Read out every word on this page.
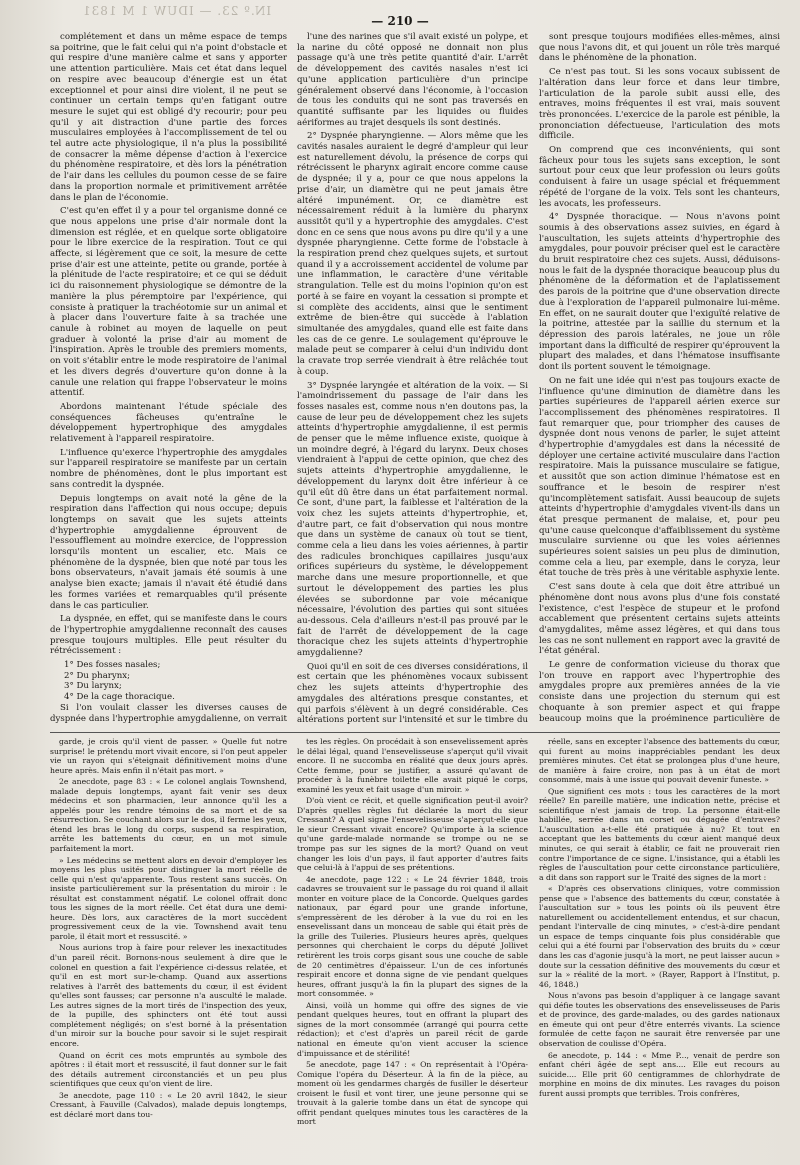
IN.º 23. — IDUW 1 M 1831
— 210 —

complétement et dans un même espace de temps sa poitrine, que le fait celui qui n'a point d'obstacle et qui respire d'une manière calme et sans y apporter une attention particulière. Mais cet état dans lequel on respire avec beaucoup d'énergie est un état exceptionnel et pour ainsi dire violent, il ne peut se continuer un certain temps qu'en fatigant outre mesure le sujet qui est obligé d'y recourir; pour peu qu'il y ait distraction d'une partie des forces musculaires employées à l'accomplissement de tel ou tel autre acte physiologique, il n'a plus la possibilité de consacrer la même dépense d'action à l'exercice du phénomène respiratoire, et dès lors la pénétration de l'air dans les cellules du poumon cesse de se faire dans la proportion normale et primitivement arrêtée dans le plan de l'économie.

C'est qu'en effet il y a pour tel organisme donné ce que nous appelons une prise d'air normale dont la dimension est réglée, et en quelque sorte obligatoire pour le libre exercice de la respiration. Tout ce qui affecte, si légèrement que ce soit, la mesure de cette prise d'air est une atteinte, petite ou grande, portée à la plénitude de l'acte respiratoire; et ce qui se déduit ici du raisonnement physiologique se démontre de la manière la plus péremptoire par l'expérience, qui consiste à pratiquer la trachéotomie sur un animal et à placer dans l'ouverture faite à sa trachée une canule à robinet au moyen de laquelle on peut graduer à volonté la prise d'air au moment de l'inspiration. Après le trouble des premiers moments, on voit s'établir entre le mode respiratoire de l'animal et les divers degrés d'ouverture qu'on donne à la canule une relation qui frappe l'observateur le moins attentif.

Abordons maintenant l'étude spéciale des conséquences fâcheuses qu'entraîne le développement hypertrophique des amygdales relativement à l'appareil respiratoire.

L'influence qu'exerce l'hypertrophie des amygdales sur l'appareil respiratoire se manifeste par un certain nombre de phénomènes, dont le plus important est sans contredit la dyspnée.

Depuis longtemps on avait noté la gêne de la respiration dans l'affection qui nous occupe; depuis longtemps on savait que les sujets atteints d'hypertrophie amygdalienne éprouvent de l'essoufflement au moindre exercice, de l'oppression lorsqu'ils montent un escalier, etc. Mais ce phénomène de la dyspnée, bien que noté par tous les bons observateurs, n'avait jamais été soumis à une analyse bien exacte; jamais il n'avait été étudié dans les formes variées et remarquables qu'il présente dans le cas particulier.

La dyspnée, en effet, qui se manifeste dans le cours de l'hypertrophie amygdalienne reconnaît des causes presque toujours multiples. Elle peut résulter du rétrécissement :

1° Des fosses nasales;

2° Du pharynx;

3° Du larynx;

4° De la cage thoracique.

Si l'on voulait classer les diverses causes de dyspnée dans l'hypertrophie amygdalienne, on verrait

l'une des narines que s'il avait existé un polype, et la narine du côté opposé ne donnait non plus passage qu'à une très petite quantité d'air. L'arrêt de développement des cavités nasales n'est ici qu'une application particulière d'un principe généralement observé dans l'économie, à l'occasion de tous les conduits qui ne sont pas traversés en quantité suffisante par les liquides ou fluides aériformes au trajet desquels ils sont destinés.

2° Dyspnée pharyngienne. — Alors même que les cavités nasales auraient le degré d'ampleur qui leur est naturellement dévolu, la présence de corps qui rétrécissent le pharynx agirait encore comme cause de dyspnée; il y a, pour ce que nous appelons la prise d'air, un diamètre qui ne peut jamais être altéré impunément. Or, ce diamètre est nécessairement réduit à la lumière du pharynx aussitôt qu'il y a hypertrophie des amygdales. C'est donc en ce sens que nous avons pu dire qu'il y a une dyspnée pharyngienne. Cette forme de l'obstacle à la respiration prend chez quelques sujets, et surtout quand il y a accroissement accidentel de volume par une inflammation, le caractère d'une véritable strangulation. Telle est du moins l'opinion qu'on est porté à se faire en voyant la cessation si prompte et si complète des accidents, ainsi que le sentiment extrême de bien-être qui succède à l'ablation simultanée des amygdales, quand elle est faite dans les cas de ce genre. Le soulagement qu'éprouve le malade peut se comparer à celui d'un individu dont la cravate trop serrée viendrait à être relâchée tout à coup.

3° Dyspnée laryngée et altération de la voix. — Si l'amoindrissement du passage de l'air dans les fosses nasales est, comme nous n'en doutons pas, la cause de leur peu de développement chez les sujets atteints d'hypertrophie amygdalienne, il est permis de penser que le même influence existe, quoique à un moindre degré, à l'égard du larynx. Deux choses viendraient à l'appui de cette opinion, que chez des sujets atteints d'hypertrophie amygdalienne, le développement du larynx doit être inférieur à ce qu'il eût dû être dans un état parfaitement normal. Ce sont, d'une part, la faiblesse et l'altération de la voix chez les sujets atteints d'hypertrophie, et, d'autre part, ce fait d'observation qui nous montre que dans un système de canaux où tout se tient, comme cela a lieu dans les voies aériennes, à partir des radicules bronchiques capillaires jusqu'aux orifices supérieurs du système, le développement marche dans une mesure proportionnelle, et que surtout le développement des parties les plus élevées se subordonne par voie mécanique nécessaire, l'évolution des parties qui sont situées au-dessous. Cela d'ailleurs n'est-il pas prouvé par le fait de l'arrêt de développement de la cage thoracique chez les sujets atteints d'hypertrophie amygdalienne?

Quoi qu'il en soit de ces diverses considérations, il est certain que les phénomènes vocaux subissent chez les sujets atteints d'hypertrophie des amygdales des altérations presque constantes, et qui parfois s'élèvent à un degré considérable. Ces altérations portent sur l'intensité et sur le timbre du

sont presque toujours modifiées elles-mêmes, ainsi que nous l'avons dit, et qui jouent un rôle très marqué dans le phénomène de la phonation.

Ce n'est pas tout. Si les sons vocaux subissent de l'altération dans leur force et dans leur timbre, l'articulation de la parole subit aussi elle, des entraves, moins fréquentes il est vrai, mais souvent très prononcées. L'exercice de la parole est pénible, la prononciation défectueuse, l'articulation des mots difficile.

On comprend que ces inconvénients, qui sont fâcheux pour tous les sujets sans exception, le sont surtout pour ceux que leur profession ou leurs goûts conduisent à faire un usage spécial et fréquemment répété de l'organe de la voix. Tels sont les chanteurs, les avocats, les professeurs.

4° Dyspnée thoracique. — Nous n'avons point soumis à des observations assez suivies, en égard à l'auscultation, les sujets atteints d'hypertrophie des amygdales, pour pouvoir préciser quel est le caractère du bruit respiratoire chez ces sujets. Aussi, déduisons-nous le fait de la dyspnée thoracique beaucoup plus du phénomène de la déformation et de l'aplatissement des parois de la poitrine que d'une observation directe due à l'exploration de l'appareil pulmonaire lui-même. En effet, on ne saurait douter que l'exiguïté relative de la poitrine, attestée par la saillie du sternum et la dépression des parois latérales, ne joue un rôle important dans la difficulté de respirer qu'éprouvent la plupart des malades, et dans l'hématose insuffisante dont ils portent souvent le témoignage.

On ne fait une idée qui n'est pas toujours exacte de l'influence qu'une diminution de diamètre dans les parties supérieures de l'appareil aérien exerce sur l'accomplissement des phénomènes respiratoires. Il faut remarquer que, pour triompher des causes de dyspnée dont nous venons de parler, le sujet atteint d'hypertrophie d'amygdales est dans la nécessité de déployer une certaine activité musculaire dans l'action respiratoire. Mais la puissance musculaire se fatigue, et aussitôt que son action diminue l'hématose est en souffrance et le besoin de respirer n'est qu'incomplètement satisfait. Aussi beaucoup de sujets atteints d'hypertrophie d'amygdales vivent-ils dans un état presque permanent de malaise, et, pour peu qu'une cause quelconque d'affaiblissement du système musculaire survienne ou que les voies aériennes supérieures soient saisies un peu plus de diminution, comme cela a lieu, par exemple, dans le coryza, leur état touche de très près à une véritable asphyxie lente.

C'est sans doute à cela que doit être attribué un phénomène dont nous avons plus d'une fois constaté l'existence, c'est l'espèce de stupeur et le profond accablement que présentent certains sujets atteints d'amygdalites, même assez légères, et qui dans tous les cas ne sont nullement en rapport avec la gravité de l'état général.

Le genre de conformation vicieuse du thorax que l'on trouve en rapport avec l'hypertrophie des amygdales propre aux premières années de la vie consiste dans une projection du sternum qui est choquante à son premier aspect et qui frappe beaucoup moins que la proéminence particulière de

garde, je crois qu'il vient de passer. » Quelle fut notre surprise! le prétendu mort vivait encore, si l'on peut appeler vie un rayon qui s'éteignait définitivement moins d'une heure après. Mais enfin il n'était pas mort. »

2e anecdote, page 83 : « Le colonel anglais Townshend, malade depuis longtemps, ayant fait venir ses deux médecins et son pharmacien, leur annonce qu'il les a appelés pour les rendre témoins de sa mort et de sa résurrection. Se couchant alors sur le dos, il ferme les yeux, étend les bras le long du corps, suspend sa respiration, arrête les battements du cœur, en un mot simule parfaitement la mort.

» Les médecins se mettent alors en devoir d'employer les moyens les plus usités pour distinguer la mort réelle de celle qui n'est qu'apparente. Tous restent sans succès. On insiste particulièrement sur la présentation du miroir : le résultat est constamment négatif. Le colonel offrait donc tous les signes de la mort réelle. Cet état dura une demi-heure. Dès lors, aux caractères de la mort succèdent progressivement ceux de la vie. Townshend avait tenu parole, il était mort et ressuscité. »

Nous aurions trop à faire pour relever les inexactitudes d'un pareil récit. Bornons-nous seulement à dire que le colonel en question a fait l'expérience ci-dessus relatée, et qu'il en est mort sur-le-champ. Quand aux assertions relatives à l'arrêt des battements du cœur, il est évident qu'elles sont fausses; car personne n'a ausculté le malade. Les autres signes de la mort tirés de l'inspection des yeux, de la pupille, des sphincters ont été tout aussi complétement négligés; on s'est borné à la présentation d'un miroir sur la bouche pour savoir si le sujet respirait encore.

Quand on écrit ces mots empruntés au symbole des apôtres : il était mort et ressuscité, il faut donner sur le fait des détails autrement circonstanciés et un peu plus scientifiques que ceux qu'on vient de lire.

3e anecdote, page 110 : « Le 20 avril 1842, le sieur Cressant, à Fauville (Calvados), malade depuis longtemps, est déclaré mort dans tou-

tes les règles. On procédait à son ensevelissement après le délai légal, quand l'ensevelisseuse s'aperçut qu'il vivait encore. Il ne succomba en réalité que deux jours après. Cette femme, pour se justifier, a assuré qu'avant de procéder à la funèbre toilette elle avait piqué le corps, examiné les yeux et fait usage d'un miroir. »

D'où vient ce récit, et quelle signification peut-il avoir? D'après quelles règles fut déclarée la mort du sieur Cressant? A quel signe l'ensevelisseuse s'aperçut-elle que le sieur Cressant vivait encore? Qu'importe à la science qu'une garde-malade normande se trompe ou ne se trompe pas sur les signes de la mort? Quand on veut changer les lois d'un pays, il faut apporter d'autres faits que celui-là à l'appui de ses prétentions.

4e anecdote, page 122 : « Le 24 février 1848, trois cadavres se trouvaient sur le passage du roi quand il allait monter en voiture place de la Concorde. Quelques gardes nationaux, par égard pour une grande infortune, s'empressèrent de les dérober à la vue du roi en les ensevelissant dans un monceau de sable qui était près de la grille des Tuileries. Plusieurs heures après, quelques personnes qui cherchaient le corps du député Jollivet retirèrent les trois corps gisant sous une couche de sable de 20 centimètres d'épaisseur. L'un de ces infortunés respirait encore et donna signe de vie pendant quelques heures, offrant jusqu'à la fin la plupart des signes de la mort consommée. »

Ainsi, voilà un homme qui offre des signes de vie pendant quelques heures, tout en offrant la plupart des signes de la mort consommée (arrangé qui pourra cette rédaction); et c'est d'après un pareil récit de garde national en émeute qu'on vient accuser la science d'impuissance et de stérilité!

5e anecdote, page 147 : « On représentait à l'Opéra-Comique l'opéra du Déserteur. À la fin de la pièce, au moment où les gendarmes chargés de fusiller le déserteur croisent le fusil et vont tirer, une jeune personne qui se trouvait à la galerie tombe dans un état de syncope qui offrit pendant quelques minutes tous les caractères de la mort

réelle, sans en excepter l'absence des battements du cœur, qui furent au moins inappréciables pendant les deux premières minutes. Cet état se prolongea plus d'une heure, de manière à faire croire, non pas à un état de mort consommé, mais à une issue qui pouvait devenir funeste. »

Que signifient ces mots : tous les caractères de la mort réelle? En pareille matière, une indication nette, précise et scientifique n'est jamais de trop. La personne était-elle habillée, serrée dans un corset ou dégagée d'entraves? L'auscultation a-t-elle été pratiquée à nu? Et tout en acceptant que les battements du cœur aient manqué deux minutes, ce qui serait à établir, ce fait ne prouverait rien contre l'importance de ce signe. L'insistance, qui a établi les règles de l'auscultation pour cette circonstance particulière, a dit dans son rapport sur le Traité des signes de la mort :

« D'après ces observations cliniques, votre commission pense que » l'absence des battements du cœur, constatée à l'auscultation sur » tous les points où ils peuvent être naturellement ou accidentellement entendus, et sur chacun, pendant l'intervalle de cinq minutes, » c'est-à-dire pendant un espace de temps cinquante fois plus considérable que celui qui a été fourni par l'observation des bruits du » cœur dans les cas d'agonie jusqu'à la mort, ne peut laisser aucun » doute sur la cessation définitive des mouvements du cœur et sur la » réalité de la mort. » (Rayer, Rapport à l'Institut, p. 46, 1848.)

Nous n'avons pas besoin d'appliquer à ce langage savant qui défie toutes les observations des ensevelisseuses de Paris et de province, des garde-malades, ou des gardes nationaux en émeute qui ont peur d'être enterrés vivants. La science formulée de cette façon ne saurait être renversée par une observation de coulisse d'Opéra.

6e anecdote, p. 144 : « Mme P..., venait de perdre son enfant chéri âgée de sept ans.... Elle eut recours au suicide.... Elle prit 60 centigrammes de chlorhydrate de morphine en moins de dix minutes. Les ravages du poison furent aussi prompts que terribles. Trois confrères,
